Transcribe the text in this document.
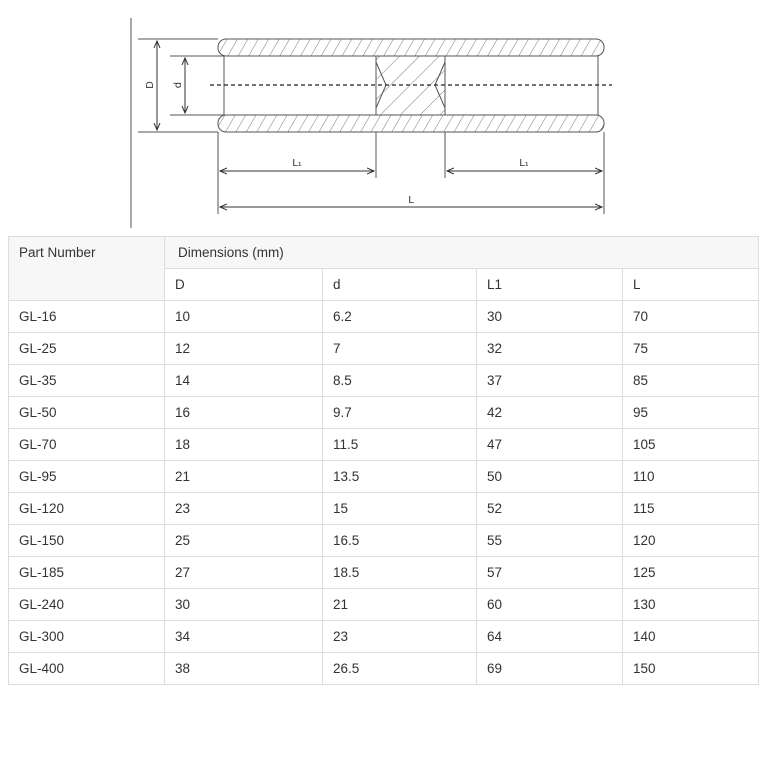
D d
L₁	L₁
L
Part Number	Dimensions (mm)			
	D	d	L1	L
GL-16	10	6.2	30	70
GL-25	12	7	32	75
GL-35	14	8.5	37	85
GL-50	16	9.7	42	95
GL-70	18	11.5	47	105
GL-95	21	13.5	50	110
GL-120	23	15	52	115
GL-150	25	16.5	55	120
GL-185	27	18.5	57	125
GL-240	30	21	60	130
GL-300	34	23	64	140
GL-400	38	26.5	69	150
